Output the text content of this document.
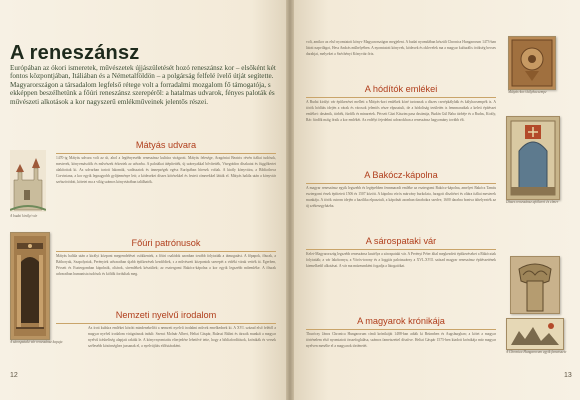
A reneszánsz
Európában az ókori ismeretek, művészetek újjászületését hozó reneszánsz kor – elsőként két fontos központjában, Itáliában és a Németalföldön – a polgárság felfelé ívelő útját segítette. Magyarországon a társadalom legfelső rétege volt a forradalmi mozgalom fő támogatója, s ekképpen beszélhetünk a főúri reneszánsz szerepéről: a hatalmas udvarok, fényes paloták és művészeti alkotások a kor nagyszerű emlékműveinek jelentős részei.
A budai királyi vár
Mátyás udvara
1470-ig Mátyás udvara volt az út, ahol a legfényesebb reneszánsz kultúra virágzott. Mátyás felesége, Aragóniai Beatrix révén itáliai tudósok, mesterek, könyvmásolók és művészek érkeztek az udvarba. A palotákat átépítették, új szárnyakkal bővítették, Visegrádon díszkutat és függőkertet alakítottak ki. Az udvarban tartott lakomák, vadászatok és ünnepségek egész Európában híresek voltak. A király könyvtára, a Bibliotheca Corviniana, a kor egyik legnagyobb gyűjteménye lett; a kódexeket díszes kötésekkel és festett címerekkel látták el. Mátyás halála után a könyvtár szétszóródott, kötetei ma a világ számos könyvtárában találhatók.
A sárospataki vár reneszánsz kapuja
Főúri patrónusok
Mátyás halála után a királyi központ megrendelései csökkentek, a főúri családok azonban tovább folytatták a támogatást. A főpapok, főurak, a Báthoryak, Szapolyaiak, Perényiek udvaraiban újabb építkezések kezdődtek, s a művészeti központok szerepét a vidéki várak vették át. Egerben, Pécsett és Esztergomban kápolnák, oltárok, síremlékek készültek; az esztergomi Bakócz-kápolna a kor egyik legszebb műemléke. A főurak udvaraiban humanista tudósok és költők fordultak meg.
Nemzeti nyelvű irodalom
Az írott kultúra emlékei között mindenekelőtt a nemzeti nyelvű irodalmi művek emelkednek ki. A XVI. század első felétől a magyar nyelvű irodalom virágzásnak indult: Szenci Molnár Albert, Heltai Gáspár, Balassi Bálint és társaik munkái a magyar nyelvű írásbeliség alapjait rakták le. A könyvnyomtatás elterjedése lehetővé tette, hogy a bibliafordítások, krónikák és versek szélesebb közönséghez jussanak el, a nyelvújítás előfutáraként.
12
volt, amikor az első nyomtatott könyv Magyarországon megjelent. A budai nyomdában készült Chronica Hungarorum 1473-ban látott napvilágot, Hess András műhelyében. A nyomtatott könyvek, kódexek és oklevelek ma a magyar kulturális örökség becses darabjai, melyeket a Széchényi Könyvtár őriz.
A hódítók emlékei
A Budai királyi vár építkezései mellett a Mátyás-kori emlékek közé tartoznak a díszes cserépkályhák és kályhacsempék is. A török hódítás idején a várak és városok jelentős része elpusztult, de a hódoltság területén is fennmaradtak a keleti építészet emlékei: dzsámik, türbék, fürdők és minaretek. Pécsett Gázi Kászim pasa dzsámija, Budán Gül Baba türbéje és a Rudas, Király, Rác fürdők máig őrzik a kor emlékét. Az erdélyi fejedelmi udvarokban a reneszánsz hagyomány tovább élt.
A Bakócz-kápolna
A magyar reneszánsz egyik legszebb és legépebben fennmaradt emléke az esztergomi Bakócz-kápolna, amelyet Bakócz Tamás esztergomi érsek építtetett 1506 és 1507 között. A kápolna vörös márvány burkolata, faragott díszítései és oltára itáliai mesterek munkája. A török ostrom idején a bazilika elpusztult, a kápolnát azonban darabokra szedve, 1600 darabra bontva áthelyezték az új székesegyházba.
A sárospataki vár
Kelet-Magyarország legszebb reneszánsz kastélya a sárospataki vár. A Perényi Péter által megkezdett építkezéseket a Rákócziak folytatták; a vár lakótornya, a Vörös-torony és a loggiás palotaszárny a XVI–XVII. század magyar reneszánsz építészetének kiemelkedő alkotásai. A vár ma múzeumként fogadja a látogatókat.
A magyarok krónikája
Thuróczy János Chronica Hungarorum című krónikáját 1488-ban adták ki Brünnben és Augsburgban; a kötet a magyar történelem első nyomtatott összefoglalása, számos fametszettel díszítve. Heltai Gáspár 1575-ben kiadott krónikája már magyar nyelven mesélte el a magyarok történetét.
Mátyás-kori kályhacsempe
Díszes reneszánsz ajtókeret és címer
A Chronica Hungarorum egyik fametszete
13
